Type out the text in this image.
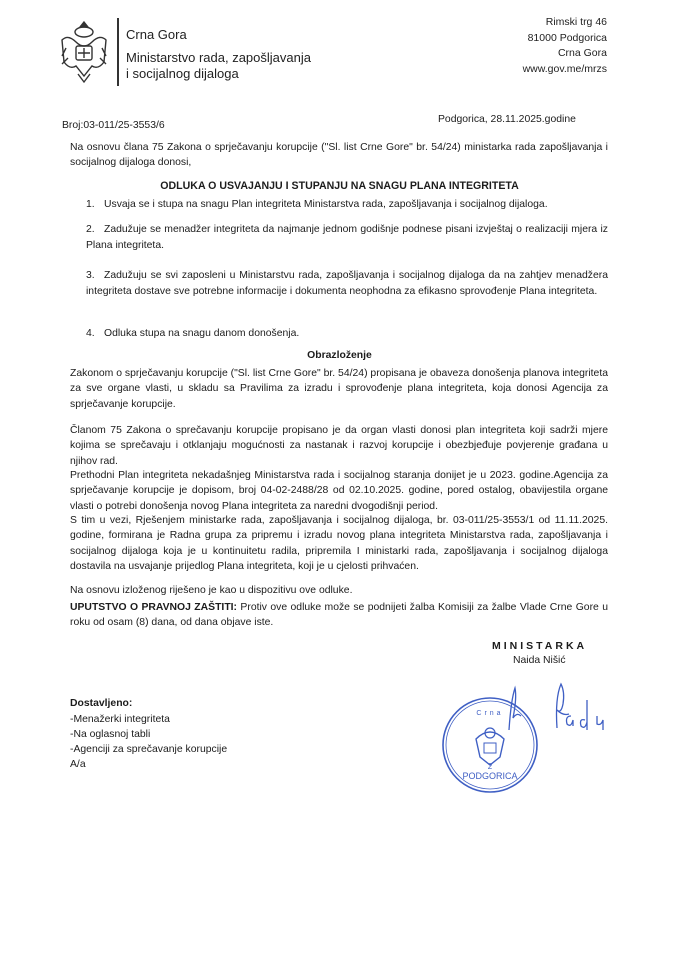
Crna Gora
Ministarstvo rada, zapošljavanja
i socijalnog dijaloga
Rimski trg 46
81000 Podgorica
Crna Gora
www.gov.me/mrzs
Broj:03-011/25-3553/6
Podgorica, 28.11.2025.godine
Na osnovu člana 75 Zakona o sprječavanju korupcije ("Sl. list Crne Gore" br. 54/24) ministarka rada zapošljavanja i socijalnog dijaloga donosi,
ODLUKA O USVAJANJU I STUPANJU NA SNAGU PLANA INTEGRITETA
1. Usvaja se i stupa na snagu Plan integriteta Ministarstva rada, zapošljavanja i socijalnog dijaloga.
2. Zadužuje se menadžer integriteta da najmanje jednom godišnje podnese pisani izvještaj o realizaciji mjera iz Plana integriteta.
3. Zadužuju se svi zaposleni u Ministarstvu rada, zapošljavanja i socijalnog dijaloga da na zahtjev menadžera integriteta dostave sve potrebne informacije i dokumenta neophodna za efikasno sprovođenje Plana integriteta.
4. Odluka stupa na snagu danom donošenja.
Obrazloženje
Zakonom o sprječavanju korupcije ("Sl. list Crne Gore" br. 54/24) propisana je obaveza donošenja planova integriteta za sve organe vlasti, u skladu sa Pravilima za izradu i sprovođenje plana integriteta, koja donosi Agencija za sprječavanje korupcije.
Članom 75 Zakona o sprečavanju korupcije propisano je da organ vlasti donosi plan integriteta koji sadrži mjere kojima se sprečavaju i otklanjaju mogućnosti za nastanak i razvoj korupcije i obezbjeđuje povjerenje građana u njihov rad.
Prethodni Plan integriteta nekadašnjeg Ministarstva rada i socijalnog staranja donijet je u 2023. godine.Agencija za sprječavanje korupcije je dopisom, broj 04-02-2488/28 od 02.10.2025. godine, pored ostalog, obavijestila organe vlasti o potrebi donošenja novog Plana integriteta za naredni dvogodišnji period.
S tim u vezi, Rješenjem ministarke rada, zapošljavanja i socijalnog dijaloga, br. 03-011/25-3553/1 od 11.11.2025. godine, formirana je Radna grupa za pripremu i izradu novog plana integriteta Ministarstva rada, zapošljavanja i socijalnog dijaloga koja je u kontinuitetu radila, pripremila I ministarki rada, zapošljavanja i socijalnog dijaloga dostavila na usvajanje prijedlog Plana integriteta, koji je u cjelosti prihvaćen.
Na osnovu izloženog riješeno je kao u dispozitivu ove odluke.
UPUTSTVO O PRAVNOJ ZAŠTITI: Protiv ove odluke može se podnijeti žalba Komisiji za žalbe Vlade Crne Gore u roku od osam (8) dana, od dana objave iste.
MINISTARKA
Naida Nišić
PODGORICA
2
Crna
Dostavljeno:
-Menažerki integriteta
-Na oglasnoj tabli
-Agenciji za sprečavanje korupcije
A/a
